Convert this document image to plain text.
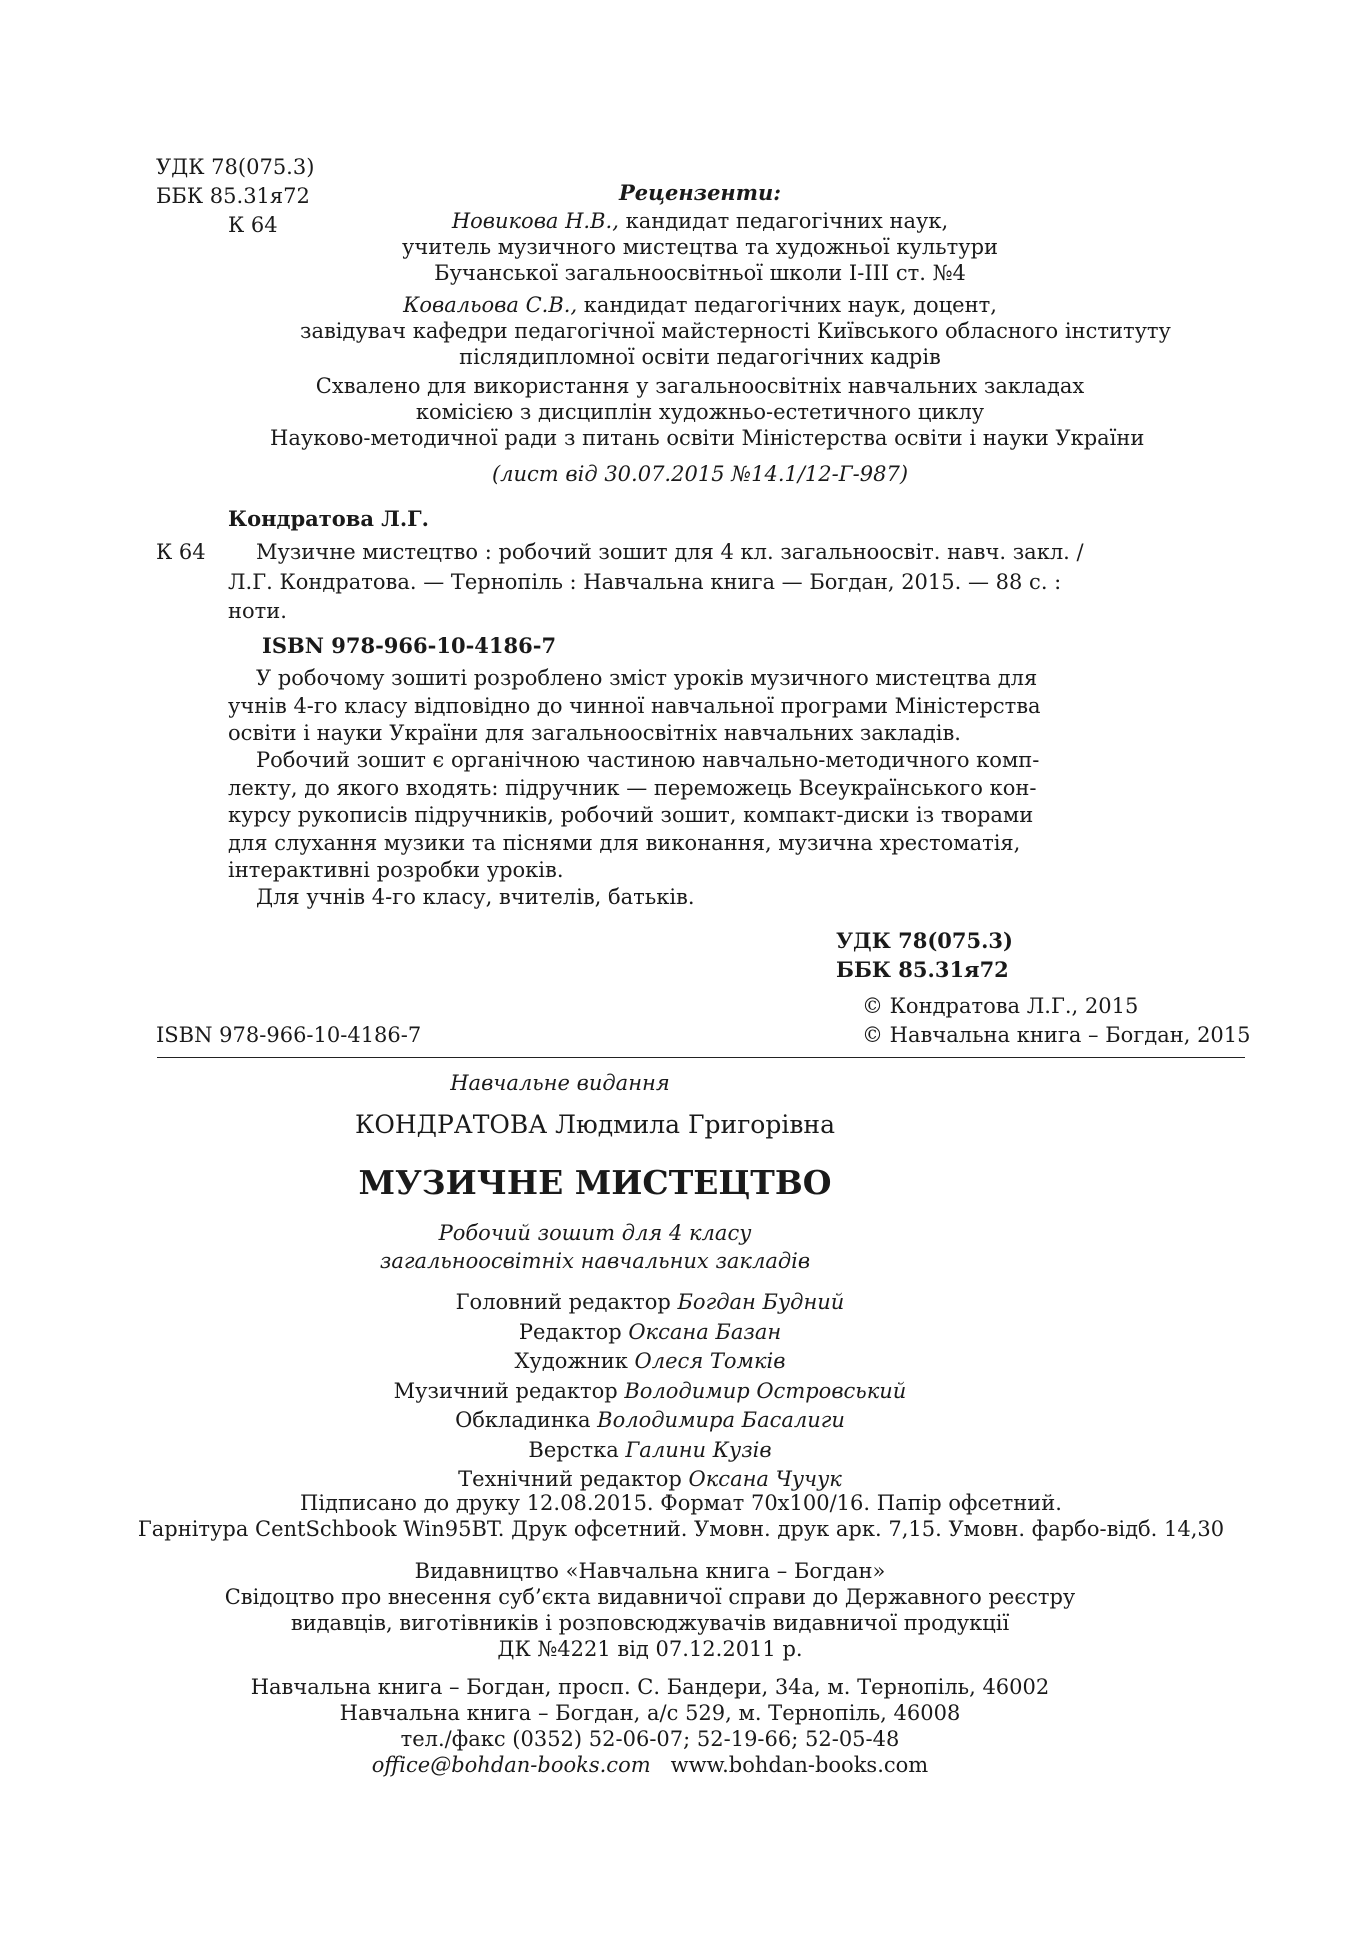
УДК 78(075.3)
ББК 85.31я72
К 64
Рецензенти:
Новикова Н.В., кандидат педагогічних наук,
учитель музичного мистецтва та художньої культури
Бучанської загальноосвітньої школи І-ІІІ ст. №4
Ковальова С.В., кандидат педагогічних наук, доцент,
завідувач кафедри педагогічної майстерності Київського обласного інституту
післядипломної освіти педагогічних кадрів
Схвалено для використання у загальноосвітніх навчальних закладах
комісією з дисциплін художньо-естетичного циклу
Науково-методичної ради з питань освіти Міністерства освіти і науки України
(лист від 30.07.2015 №14.1/12-Г-987)
Кондратова Л.Г.
К 64 Музичне мистецтво : робочий зошит для 4 кл. загальноосвіт. навч. закл. /
Л.Г. Кондратова. — Тернопіль : Навчальна книга — Богдан, 2015. — 88 с. :
ноти.
ISBN 978-966-10-4186-7
У робочому зошиті розроблено зміст уроків музичного мистецтва для
учнів 4-го класу відповідно до чинної навчальної програми Міністерства
освіти і науки України для загальноосвітніх навчальних закладів.
Робочий зошит є органічною частиною навчально-методичного комп-
лекту, до якого входять: підручник — переможець Всеукраїнського кон-
курсу рукописів підручників, робочий зошит, компакт-диски із творами
для слухання музики та піснями для виконання, музична хрестоматія,
інтерактивні розробки уроків.
Для учнів 4-го класу, вчителів, батьків.
УДК 78(075.3)
ББК 85.31я72
© Кондратова Л.Г., 2015
ISBN 978-966-10-4186-7	© Навчальна книга – Богдан, 2015
Навчальне видання
КОНДРАТОВА Людмила Григорівна
МУЗИЧНЕ МИСТЕЦТВО
Робочий зошит для 4 класу
загальноосвітніх навчальних закладів
Головний редактор Богдан Будний
Редактор Оксана Базан
Художник Олеся Томків
Музичний редактор Володимир Островський
Обкладинка Володимира Басалиги
Верстка Галини Кузів
Технічний редактор Оксана Чучук
Підписано до друку 12.08.2015. Формат 70х100/16. Папір офсетний.
Гарнітура CentSchbook Win95BT. Друк офсетний. Умовн. друк арк. 7,15. Умовн. фарбо-відб. 14,30
Видавництво «Навчальна книга – Богдан»
Свідоцтво про внесення суб’єкта видавничої справи до Державного реєстру
видавців, виготівників і розповсюджувачів видавничої продукції
ДК №4221 від 07.12.2011 р.
Навчальна книга – Богдан, просп. С. Бандери, 34а, м. Тернопіль, 46002
Навчальна книга – Богдан, а/с 529, м. Тернопіль, 46008
тел./факс (0352) 52-06-07; 52-19-66; 52-05-48
office@bohdan-books.com www.bohdan-books.com
